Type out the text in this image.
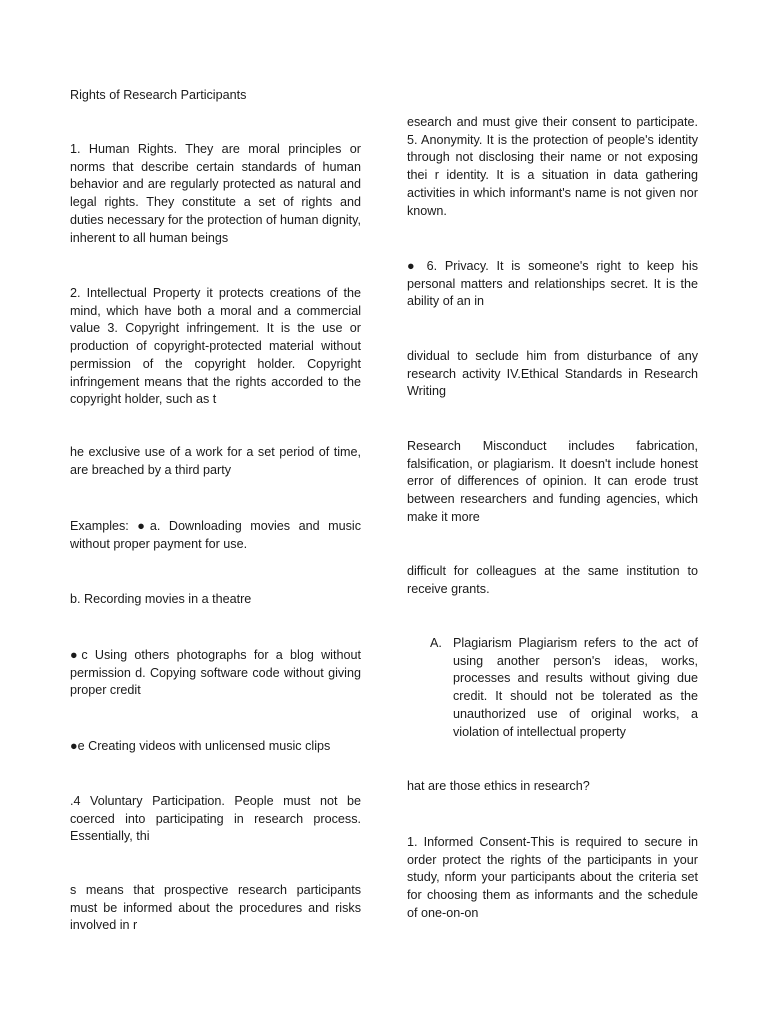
Rights of Research Participants

1. Human Rights. They are moral principles or norms that describe certain standards of human behavior and are regularly protected as natural and legal rights. They constitute a set of rights and duties necessary for the protection of human dignity, inherent to all human beings

2. Intellectual Property it protects creations of the mind, which have both a moral and a commercial value 3. Copyright infringement. It is the use or production of copyright-protected material without permission of the copyright holder. Copyright infringement means that the rights accorded to the copyright holder, such as t

he exclusive use of a work for a set period of time, are breached by a third party

Examples: ●a. Downloading movies and music without proper payment for use.

b. Recording movies in a theatre

●c Using others photographs for a blog without permission d. Copying software code without giving proper credit

●e Creating videos with unlicensed music clips

.4 Voluntary Participation. People must not be coerced into participating in research process. Essentially, thi

s means that prospective research participants must be informed about the procedures and risks involved in r

esearch and must give their consent to participate. 5. Anonymity. It is the protection of people's identity through not disclosing their name or not exposing thei r identity. It is a situation in data gathering activities in which informant's name is not given nor known.

● 6. Privacy. It is someone's right to keep his personal matters and relationships secret. It is the ability of an in

dividual to seclude him from disturbance of any research activity IV.Ethical Standards in Research Writing

Research Misconduct includes fabrication, falsification, or plagiarism. It doesn't include honest error of differences of opinion. It can erode trust between researchers and funding agencies, which make it more

difficult for colleagues at the same institution to receive grants.

A. Plagiarism Plagiarism refers to the act of using another person's ideas, works, processes and results without giving due credit. It should not be tolerated as the unauthorized use of original works, a violation of intellectual property

hat are those ethics in research?

1. Informed Consent-This is required to secure in order protect the rights of the participants in your study, nform your participants about the criteria set for choosing them as informants and the schedule of one-on-on
